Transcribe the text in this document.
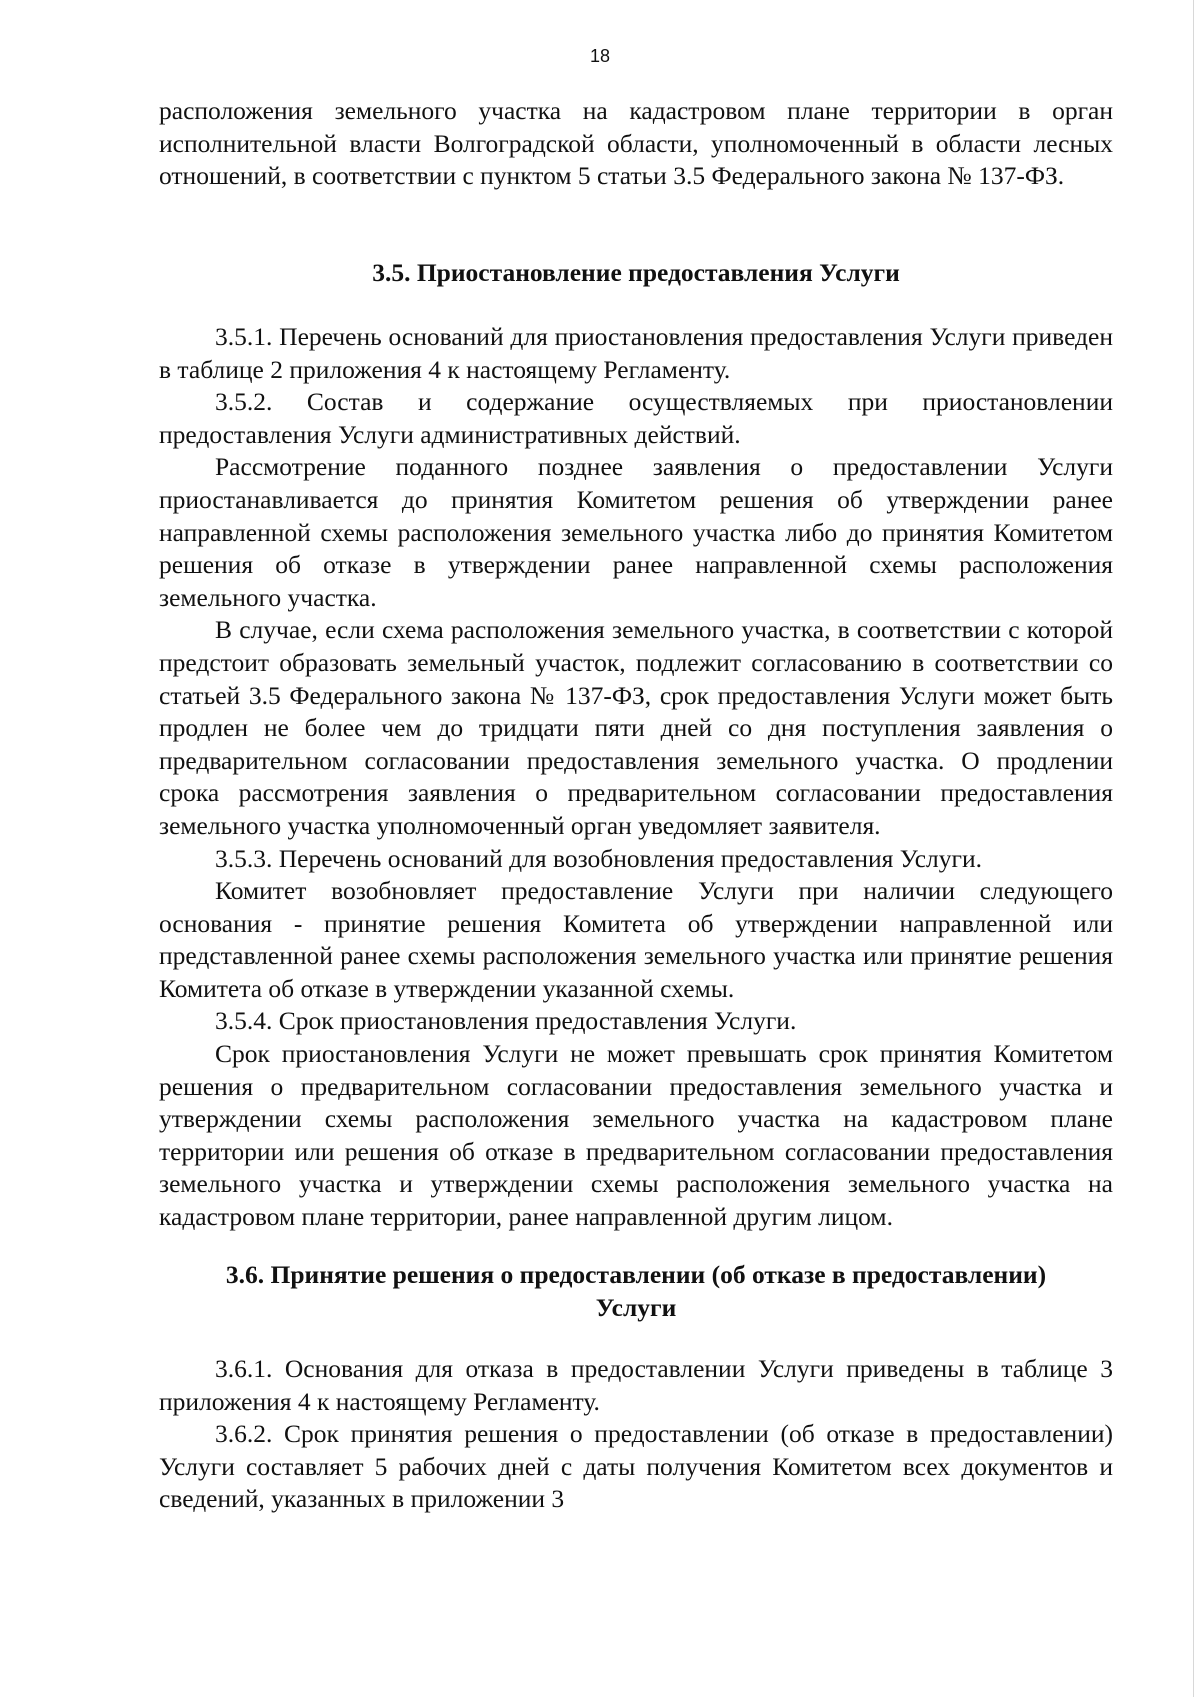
18

расположения земельного участка на кадастровом плане территории в орган исполнительной власти Волгоградской области, уполномоченный в области лесных отношений, в соответствии с пунктом 5 статьи 3.5 Федерального закона № 137-ФЗ.

3.5. Приостановление предоставления Услуги

3.5.1. Перечень оснований для приостановления предоставления Услуги приведен в таблице 2 приложения 4 к настоящему Регламенту.

3.5.2. Состав и содержание осуществляемых при приостановлении предоставления Услуги административных действий.

Рассмотрение поданного позднее заявления о предоставлении Услуги приостанавливается до принятия Комитетом решения об утверждении ранее направленной схемы расположения земельного участка либо до принятия Комитетом решения об отказе в утверждении ранее направленной схемы расположения земельного участка.

В случае, если схема расположения земельного участка, в соответствии с которой предстоит образовать земельный участок, подлежит согласованию в соответствии со статьей 3.5 Федерального закона № 137-ФЗ, срок предоставления Услуги может быть продлен не более чем до тридцати пяти дней со дня поступления заявления о предварительном согласовании предоставления земельного участка. О продлении срока рассмотрения заявления о предварительном согласовании предоставления земельного участка уполномоченный орган уведомляет заявителя.

3.5.3. Перечень оснований для возобновления предоставления Услуги.

Комитет возобновляет предоставление Услуги при наличии следующего основания - принятие решения Комитета об утверждении направленной или представленной ранее схемы расположения земельного участка или принятие решения Комитета об отказе в утверждении указанной схемы.

3.5.4. Срок приостановления предоставления Услуги.

Срок приостановления Услуги не может превышать срок принятия Комитетом решения о предварительном согласовании предоставления земельного участка и утверждении схемы расположения земельного участка на кадастровом плане территории или решения об отказе в предварительном согласовании предоставления земельного участка и утверждении схемы расположения земельного участка на кадастровом плане территории, ранее направленной другим лицом.

3.6. Принятие решения о предоставлении (об отказе в предоставлении)

Услуги

3.6.1. Основания для отказа в предоставлении Услуги приведены в таблице 3 приложения 4 к настоящему Регламенту.

3.6.2. Срок принятия решения о предоставлении (об отказе в предоставлении) Услуги составляет 5 рабочих дней с даты получения Комитетом всех документов и сведений, указанных в приложении 3
